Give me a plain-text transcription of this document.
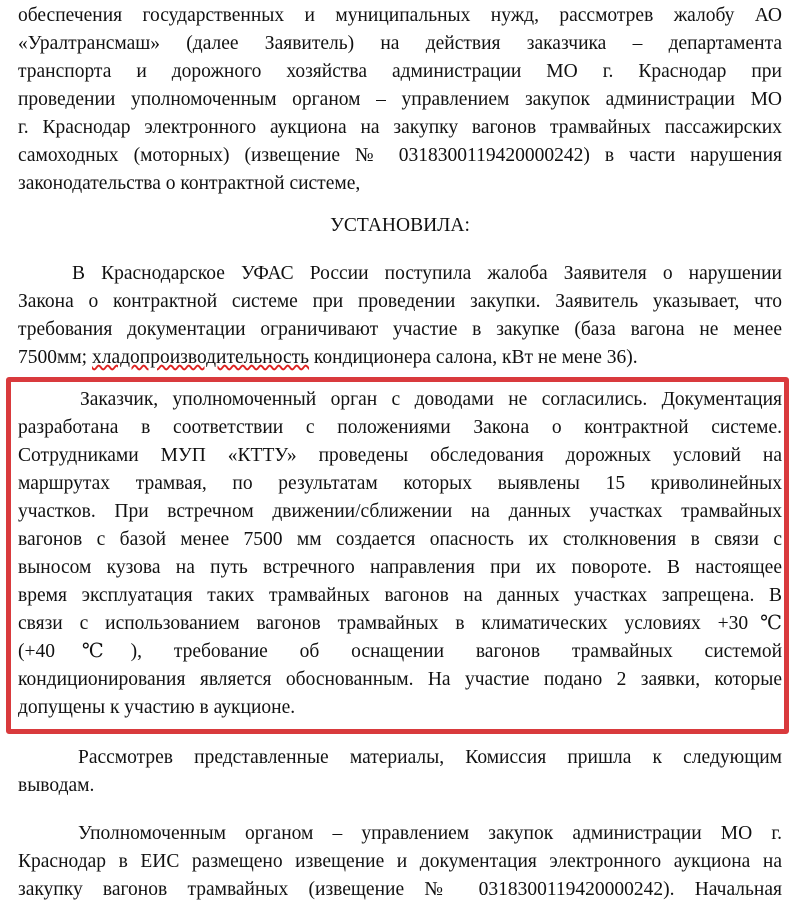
обеспечения государственных и муниципальных нужд, рассмотрев жалобу АО
«Уралтрансмаш» (далее Заявитель) на действия заказчика – департамента
транспорта и дорожного хозяйства администрации МО г. Краснодар при
проведении уполномоченным органом – управлением закупок администрации МО
г. Краснодар электронного аукциона на закупку вагонов трамвайных пассажирских
самоходных (моторных) (извещение № 0318300119420000242) в части нарушения
законодательства о контрактной системе,
УСТАНОВИЛА:
В Краснодарское УФАС России поступила жалоба Заявителя о нарушении
Закона о контрактной системе при проведении закупки. Заявитель указывает, что
требования документации ограничивают участие в закупке (база вагона не менее
7500мм; хладопроизводительность кондиционера салона, кВт не мене 36).
Заказчик, уполномоченный орган с доводами не согласились. Документация
разработана в соответствии с положениями Закона о контрактной системе.
Сотрудниками МУП «КТТУ» проведены обследования дорожных условий на
маршрутах трамвая, по результатам которых выявлены 15 криволинейных
участков. При встречном движении/сближении на данных участках трамвайных
вагонов с базой менее 7500 мм создается опасность их столкновения в связи с
выносом кузова на путь встречного направления при их повороте. В настоящее
время эксплуатация таких трамвайных вагонов на данных участках запрещена. В
связи с использованием вагонов трамвайных в климатических условиях +30℃
(+40℃), требование об оснащении вагонов трамвайных системой
кондиционирования является обоснованным. На участие подано 2 заявки, которые
допущены к участию в аукционе.
Рассмотрев представленные материалы, Комиссия пришла к следующим
выводам.
Уполномоченным органом – управлением закупок администрации МО г.
Краснодар в ЕИС размещено извещение и документация электронного аукциона на
закупку вагонов трамвайных (извещение № 0318300119420000242). Начальная
